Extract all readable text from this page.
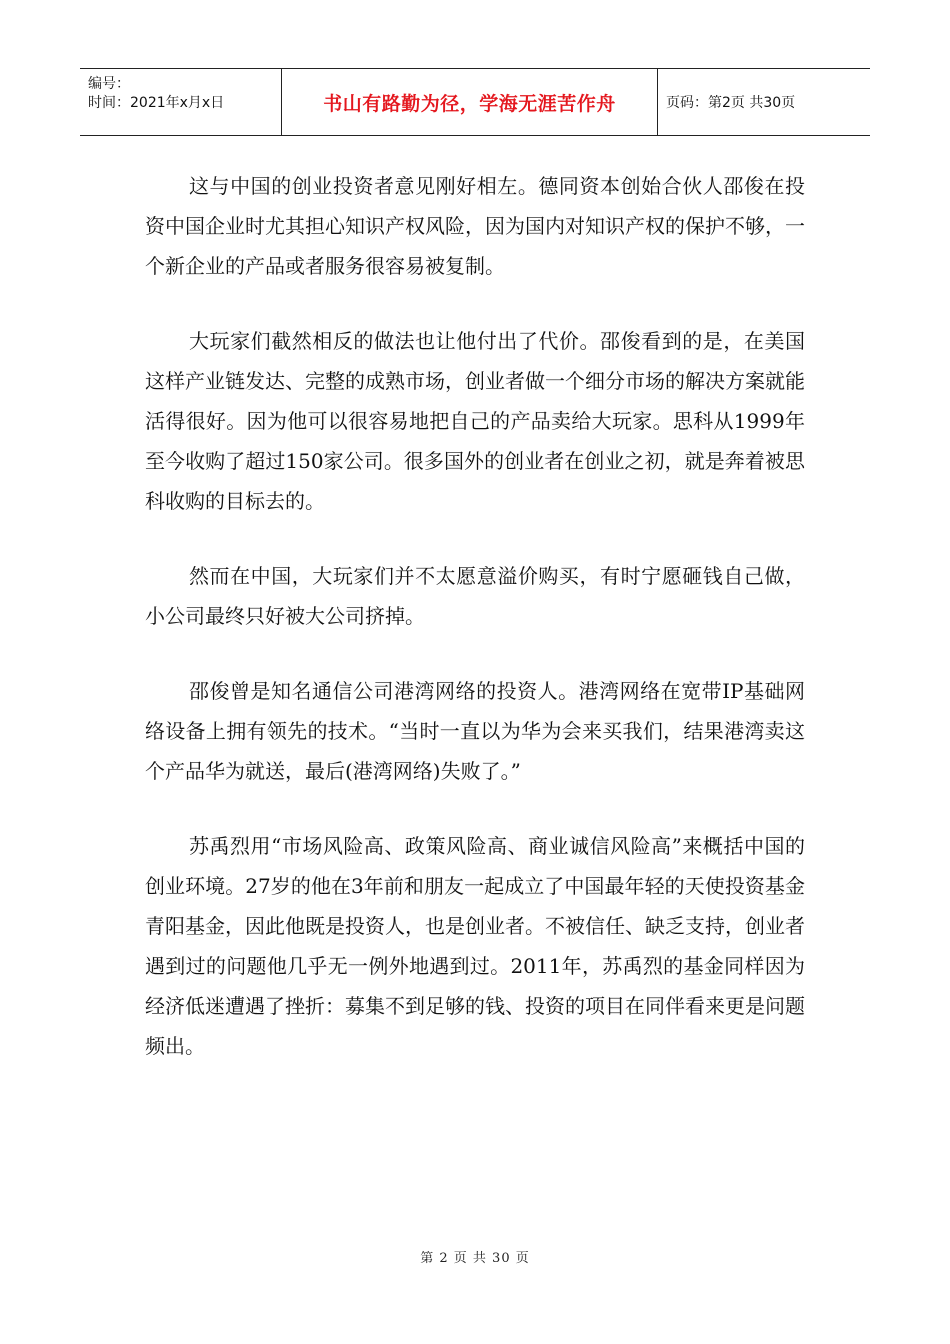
编号：
时间：2021年x月x日	书山有路勤为径，学海无涯苦作舟	页码：第2页 共30页

这与中国的创业投资者意见刚好相左。德同资本创始合伙人邵俊在投资中国企业时尤其担心知识产权风险，因为国内对知识产权的保护不够，一个新企业的产品或者服务很容易被复制。

大玩家们截然相反的做法也让他付出了代价。邵俊看到的是，在美国这样产业链发达、完整的成熟市场，创业者做一个细分市场的解决方案就能活得很好。因为他可以很容易地把自己的产品卖给大玩家。思科从1999年至今收购了超过150家公司。很多国外的创业者在创业之初，就是奔着被思科收购的目标去的。

然而在中国，大玩家们并不太愿意溢价购买，有时宁愿砸钱自己做，小公司最终只好被大公司挤掉。

邵俊曾是知名通信公司港湾网络的投资人。港湾网络在宽带IP基础网络设备上拥有领先的技术。“当时一直以为华为会来买我们，结果港湾卖这个产品华为就送，最后(港湾网络)失败了。”

苏禹烈用“市场风险高、政策风险高、商业诚信风险高”来概括中国的创业环境。27岁的他在3年前和朋友一起成立了中国最年轻的天使投资基金青阳基金，因此他既是投资人，也是创业者。不被信任、缺乏支持，创业者遇到过的问题他几乎无一例外地遇到过。2011年，苏禹烈的基金同样因为经济低迷遭遇了挫折：募集不到足够的钱、投资的项目在同伴看来更是问题频出。

第 2 页 共 30 页
